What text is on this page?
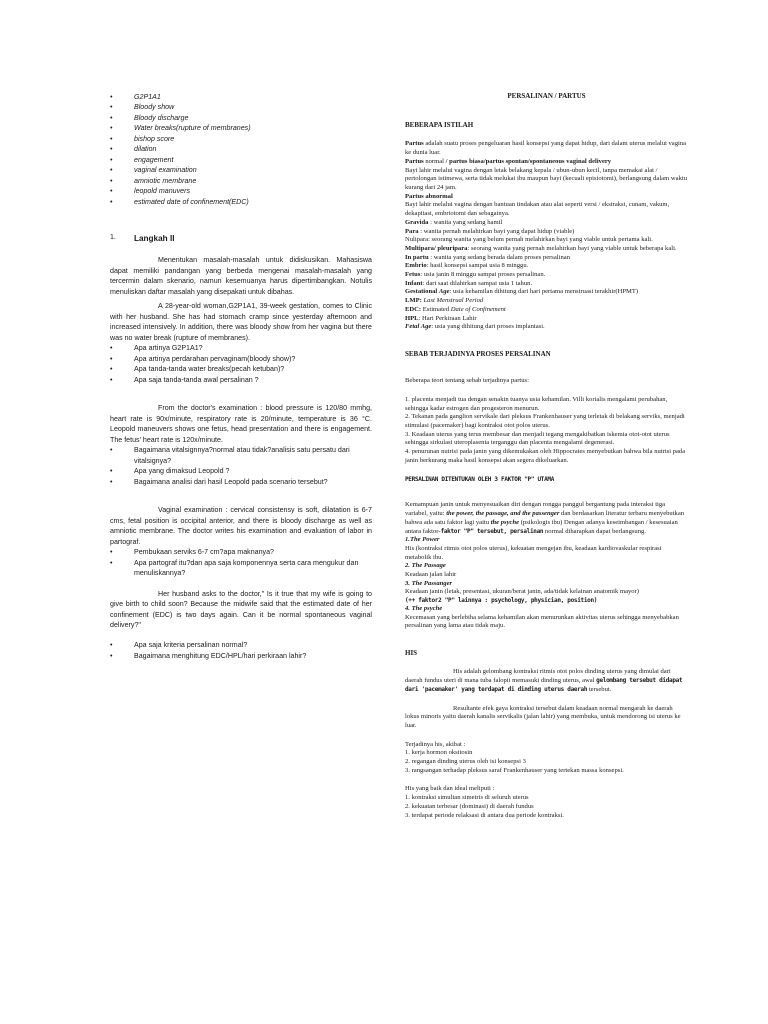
• G2P1A1
• Bloody show
• Bloody discharge
• Water breaks(rupture of membranes)
• bishop score
• dilation
• engagement
• vaginal examination
• amniotic membrane
• leopold manuvers
• estimated date of confinement(EDC)
1.	Langkah II

Menentukan masalah-masalah untuk didiskusikan. Mahasiswa dapat memiliki pandangan yang berbeda mengenai masalah-masalah yang tercermin dalam skenario, namun kesemuanya harus dipertimbangkan. Notulis menuliskan daftar masalah yang disepakati untuk dibahas.

A 28-year-old woman,G2P1A1, 39-week gestation, comes to Clinic with her husband. She has had stomach cramp since yesterday afternoon and increased intensively. In addition, there was bloody show from her vagina but there was no water break (rupture of membranes).

• Apa artinya G2P1A1?
• Apa artinya perdarahan pervaginam(bloody show)?
• Apa tanda-tanda water breaks(pecah ketuban)?
• Apa saja tanda-tanda awal persalinan ?

From the doctor's examination : blood pressure is 120/80 mmhg, heart rate is 90x/minute, respiratory rate is 20/minute, temperature is 36 °C. Leopold maneuvers shows one fetus, head presentation and there is engagement. The fetus' heart rate is 120x/minute.

• Bagaimana vitalsignnya?normal atau tidak?analisis satu persatu dari vitalsignya?
• Apa yang dimaksud Leopold ?
• Bagaimana analisi dari hasil Leopold pada scenario tersebut?

Vaginal examination : cervical consistensy is soft, dilatation is 6-7 cms, fetal position is occipital anterior, and there is bloody discharge as well as amniotic membrane. The doctor writes his examination and evaluation of labor in partograf.

• Pembukaan serviks 6-7 cm?apa maknanya?
• Apa partograf itu?dan apa saja komponennya serta cara mengukur dan menuliskannya?

Her husband asks to the doctor," Is it true that my wife is going to give birth to child soon? Because the midwife said that the estimated date of her confinement (EDC) is two days again. Can it be normal spontaneous vaginal delivery?"

• Apa saja kriteria persalinan normal?
• Bagaimana menghitung EDC/HPL/hari perkiraan lahir?
PERSALINAN / PARTUS

BEBERAPA ISTILAH

Partus adalah suatu proses pengeluaran hasil konsepsi yang dapat hidup, dari dalam uterus melalui vagina ke dunia luar.

Partus normal / partus biasa/partus spontan/spontaneous vaginal delivery

Bayi lahir melalui vagina dengan letak belakang kepala / ubun-ubun kecil, tanpa memakai alat / pertolongan istimewa, serta tidak melukai ibu maupun bayi (kecuali episiotomi), berlangsung dalam waktu kurang dari 24 jam.

Partus abnormal

Bayi lahir melalui vagina dengan bantuan tindakan atau alat seperti versi / ekstraksi, cunam, vakum, dekapitasi, embriotomi dan sebagainya.

Gravida : wanita yang sedang hamil

Para : wanita pernah melahirkan bayi yang dapat hidup (viable)

Nulipara: seorang wanita yang belum pernah melahirkan bayi yang viable untuk pertama kali.

Multipara/ pleuripara: seorang wanita yang pernah melahirkan bayi yang viable untuk beberapa kali.

In partu : wanita yang sedang berada dalam proses persalinan

Embrio: hasil konsepsi sampai usia 8 minggu.

Fetus: usia janin 8 minggu sampai proses persalinan.

Infant: dari saat dilahirkan sampai usia 1 tahun.

Gestational Age: usia kehamilan dihitung dari hari pertama menstruasi terakhir(HPMT)

LMP: Last Menstrual Period

EDC: Estimated Date of Confinement

HPL: Hari Perkiraan Lahir

Fetal Age: usia yang dihitung dari proses implantasi.

SEBAB TERJADINYA PROSES PERSALINAN

Beberapa teori tentang sebab terjadinya partus:

1. placenta menjadi tua dengan senakin tuanya usia kehamilan. Villi korialis mengalami perubahan, sehingga kadar estrogen dan progesteron menurun.

2. Tekanan pada ganglion servikale dari pleksus Frankenhauser yang terletak di belakang serviks, menjadi stimulasi (pacemaker) bagi kontraksi otot polos uterus.

3. Keadaan uterus yang terus membesar dan menjadi tegang mengakibatkan iskemia otot-otot uterus sehingga sirkulasi uteroplasenta terganggu dan placenta mengalami degenerasi.

4. penurunan nutrisi pada janin yang dikemukakan oleh Hippocrates menyebutkan bahwa bila nutrisi pada janin berkurang maka hasil konsepsi akan segera dikeluarkan.

PERSALINAN DITENTUKAN OLEH 3 FAKTOR "P" UTAMA

Kemampuan janin untuk menyesuaikan diri dengan rongga panggul bergantung pada interaksi tiga variabel, yaitu: the power, the passage, and the passenger dan berdasarkan literatur terbaru menyebutkan bahwa ada satu faktor lagi yaitu the psyche (psikologis ibu) Dengan adanya keseimbangan / kesesuaian antara faktor-faktor "P" tersebut, persalinan normal diharapkan dapat berlangsung.

1.The Power

His (kontraksi ritmis otot polos uterus), kekuatan mengejan ibu, keadaan kardiovaskular respirasi metabolik ibu.

2. The Passage

Keadaan jalan lahir

3. The Passanger

Keadaan janin (letak, presentasi, ukuran/berat janin, ada/tidak kelainan anatomik mayor)

(++ faktor2 "P" lainnya : psychology, physician, position)

4. The psyche

Kecemasan yang berlebiha selama kehamilan akan menurunkan aktivitas uterus sehingga menyebabkan persalinan yang lama atau tidak maju.

HIS

His adalah gelombang kontraksi ritmis otot polos dinding uterus yang dimulai dari daerah fundus uteri di mana tuba falopii memasuki dinding uterus, awal gelombang tersebut didapat dari 'pacemaker' yang terdapat di dinding uterus daerah tersebut.

Resultante efek gaya kontraksi tersebut dalam keadaan normal mengarah ke daerah lokus minoris yaitu daerah kanalis servikalis (jalan lahir) yang membuka, untuk mendorong isi uterus ke luar.

Terjadinya his, akibat :

1. kerja hormon oksitosin

2. regangan dinding uterus oleh isi konsepsi 3

3. rangsangan terhadap pleksus saraf Frankenhauser yang tertekan massa konsepsi.

His yang baik dan ideal meliputi :

1. kontraksi simultan simetris di seluruh uterus

2. kekuatan terbesar (dominasi) di daerah fundus

3. terdapat periode relaksasi di antara dua periode kontraksi.
